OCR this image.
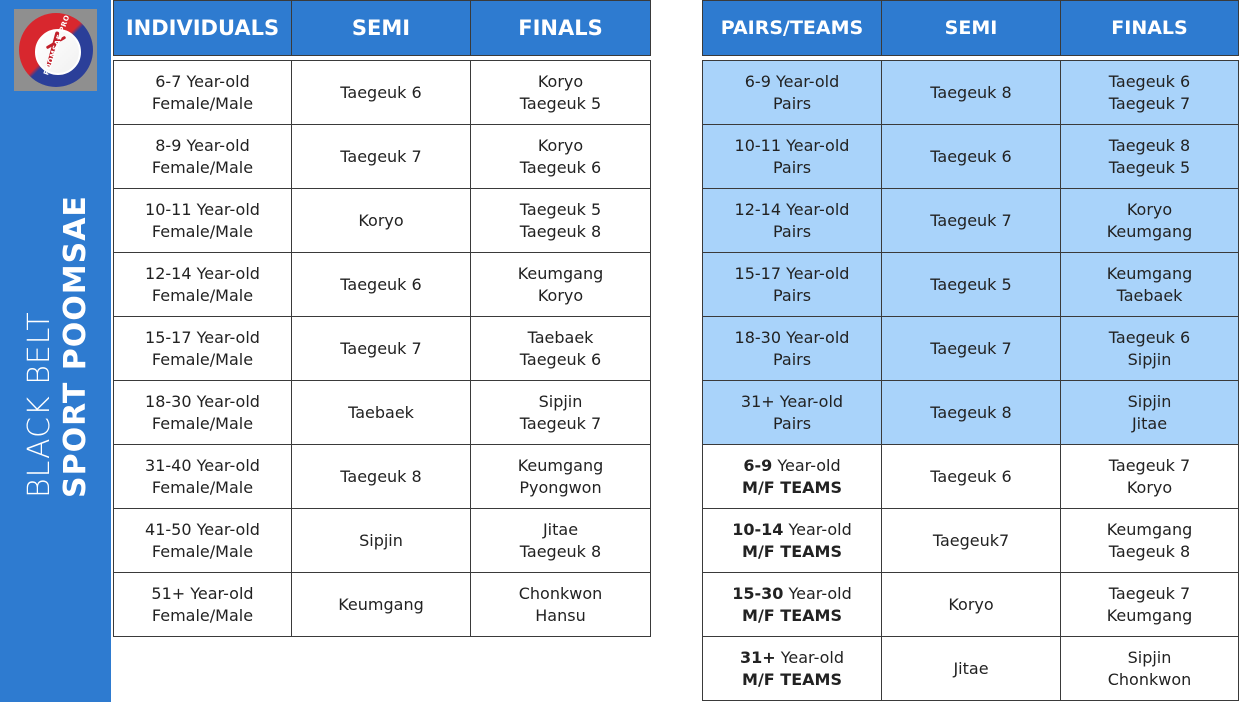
POOMSAE PRO
BLACK BELT SPORT POOMSAE
INDIVIDUALS	SEMI	FINALS

6-7 Year-old
Female/Male	Taegeuk 6	Koryo
Taegeuk 5

8-9 Year-old
Female/Male	Taegeuk 7	Koryo
Taegeuk 6

10-11 Year-old
Female/Male	Koryo	Taegeuk 5
Taegeuk 8

12-14 Year-old
Female/Male	Taegeuk 6	Keumgang
Koryo

15-17 Year-old
Female/Male	Taegeuk 7	Taebaek
Taegeuk 6

18-30 Year-old
Female/Male	Taebaek	Sipjin
Taegeuk 7

31-40 Year-old
Female/Male	Taegeuk 8	Keumgang
Pyongwon

41-50 Year-old
Female/Male	Sipjin	Jitae
Taegeuk 8

51+ Year-old
Female/Male	Keumgang	Chonkwon
Hansu
PAIRS/TEAMS	SEMI	FINALS

6-9 Year-old
Pairs	Taegeuk 8	Taegeuk 6
Taegeuk 7

10-11 Year-old
Pairs	Taegeuk 6	Taegeuk 8
Taegeuk 5

12-14 Year-old
Pairs	Taegeuk 7	Koryo
Keumgang

15-17 Year-old
Pairs	Taegeuk 5	Keumgang
Taebaek

18-30 Year-old
Pairs	Taegeuk 7	Taegeuk 6
Sipjin

31+ Year-old
Pairs	Taegeuk 8	Sipjin
Jitae

6-9 Year-old
M/F TEAMS	Taegeuk 6	Taegeuk 7
Koryo

10-14 Year-old
M/F TEAMS	Taegeuk7	Keumgang
Taegeuk 8

15-30 Year-old
M/F TEAMS	Koryo	Taegeuk 7
Keumgang

31+ Year-old
M/F TEAMS	Jitae	Sipjin
Chonkwon
